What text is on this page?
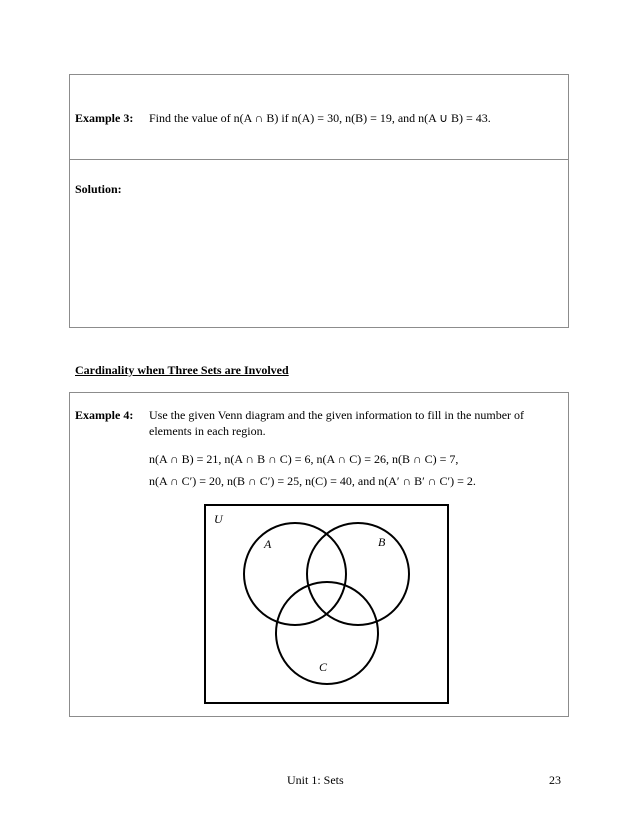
Example 3: Find the value of n(A ∩ B) if n(A) = 30, n(B) = 19, and n(A ∪ B) = 43.
Solution:
Cardinality when Three Sets are Involved
Example 4: Use the given Venn diagram and the given information to fill in the number of
elements in each region.
n(A ∩ B) = 21, n(A ∩ B ∩ C) = 6, n(A ∩ C) = 26, n(B ∩ C) = 7,
n(A ∩ C′) = 20, n(B ∩ C′) = 25, n(C) = 40, and n(A′ ∩ B′ ∩ C′) = 2.
U
A	B
C
Unit 1: Sets	23
